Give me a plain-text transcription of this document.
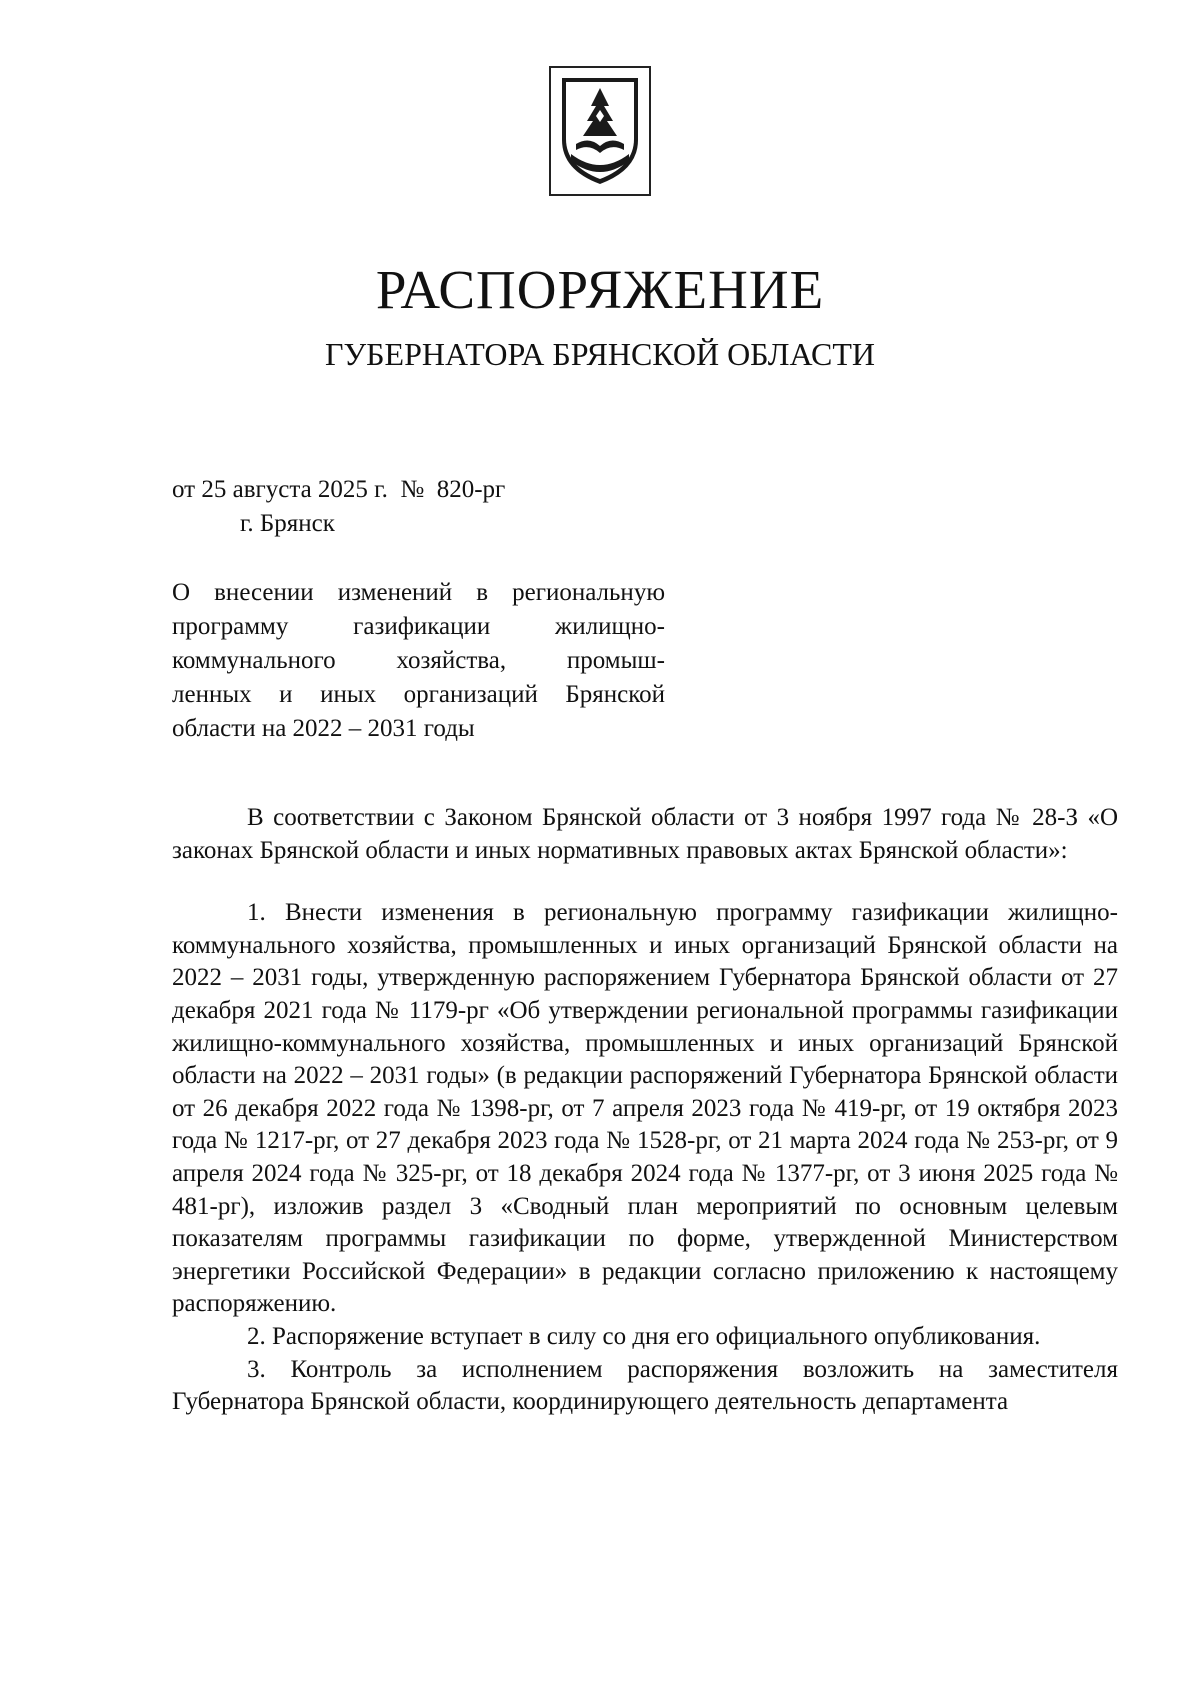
РАСПОРЯЖЕНИЕ
ГУБЕРНАТОРА БРЯНСКОЙ ОБЛАСТИ
от 25 августа 2025 г.  №  820-рг
г. Брянск
О внесении изменений в региональную
программу газификации жилищно-
коммунального хозяйства, промыш-
ленных и иных организаций Брянской
области на 2022 – 2031 годы

В соответствии с Законом Брянской области от 3 ноября 1997 года № 28-З «О законах Брянской области и иных нормативных правовых актах Брянской области»:

1. Внести изменения в региональную программу газификации жилищно-коммунального хозяйства, промышленных и иных организаций Брянской области на 2022 – 2031 годы, утвержденную распоряжением Губернатора Брянской области от 27 декабря 2021 года № 1179-рг «Об утверждении региональной программы газификации жилищно-коммунального хозяйства, промышленных и иных организаций Брянской области на 2022 – 2031 годы» (в редакции распоряжений Губернатора Брянской области от 26 декабря 2022 года № 1398-рг, от 7 апреля 2023 года № 419-рг, от 19 октября 2023 года № 1217-рг, от 27 декабря 2023 года № 1528-рг, от 21 марта 2024 года № 253-рг, от 9 апреля 2024 года № 325-рг, от 18 декабря 2024 года № 1377-рг, от 3 июня 2025 года № 481-рг), изложив раздел 3 «Сводный план мероприятий по основным целевым показателям программы газификации по форме, утвержденной Министерством энергетики Российской Федерации» в редакции согласно приложению к настоящему распоряжению.

2. Распоряжение вступает в силу со дня его официального опубликования.

3. Контроль за исполнением распоряжения возложить на заместителя Губернатора Брянской области, координирующего деятельность департамента
